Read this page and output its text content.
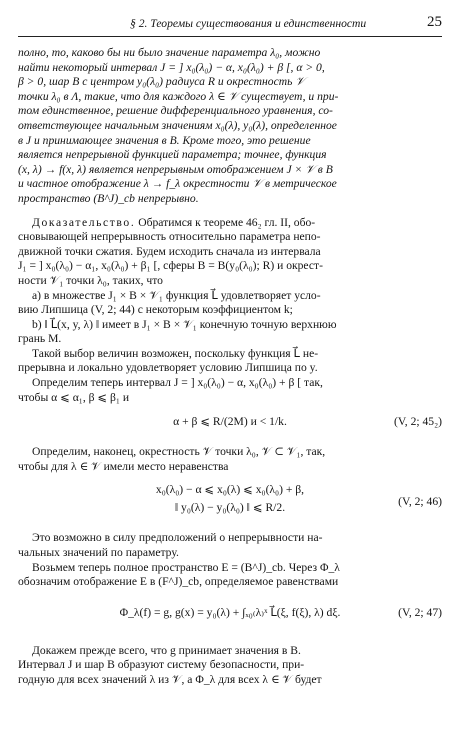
§ 2. Теоремы существования и единственности	25

полно, то, каково бы ни было значение параметра λ₀, можно

найти некоторый интервал J = ] x₀(λ₀) − α, x₀(λ₀) + β [, α > 0,

β > 0, шар B с центром y₀(λ₀) радиуса R и окрестность 𝒱

точки λ₀ в Λ, такие, что для каждого λ ∈ 𝒱 существует, и при-

том единственное, решение дифференциального уравнения, со-

ответствующее начальным значениям x₀(λ), y₀(λ), определенное

в J и принимающее значения в B. Кроме того, это решение

является непрерывной функцией параметра; точнее, функция

(x, λ) → f(x, λ) является непрерывным отображением J × 𝒱 в B

и частное отображение λ → f_λ окрестности 𝒱 в метрическое

пространство (B^J)_cb непрерывно.

Доказательство. Обратимся к теореме 46₂ гл. II, обо-

сновывающей непрерывность относительно параметра непо-

движной точки сжатия. Будем исходить сначала из интервала

J₁ = ] x₀(λ₀) − α₁, x₀(λ₀) + β₁ [, сферы B = B(y₀(λ₀); R) и окрест-

ности 𝒱₁ точки λ₀, таких, что

а) в множестве J₁ × B × 𝒱₁ функция L⃗ удовлетворяет усло-

вию Липшица (V, 2; 44) с некоторым коэффициентом k;

b) ‖ L⃗(x, y, λ) ‖ имеет в J₁ × B × 𝒱₁ конечную точную верхнюю

грань M.

Такой выбор величин возможен, поскольку функция L⃗ не-

прерывна и локально удовлетворяет условию Липшица по y.

Определим теперь интервал J = ] x₀(λ₀) − α, x₀(λ₀) + β [ так,

чтобы α ⩽ α₁, β ⩽ β₁ и

α + β ⩽ R/(2M) и < 1/k.	(V, 2; 45₂)

Определим, наконец, окрестность 𝒱 точки λ₀, 𝒱 ⊂ 𝒱₁, так,

чтобы для λ ∈ 𝒱 имели место неравенства

x₀(λ₀) − α ⩽ x₀(λ) ⩽ x₀(λ₀) + β,
‖ y₀(λ) − y₀(λ₀) ‖ ⩽ R/2.	(V, 2; 46)

Это возможно в силу предположений о непрерывности на-

чальных значений по параметру.

Возьмем теперь полное пространство E = (B^J)_cb. Через Φ_λ

обозначим отображение E в (F^J)_cb, определяемое равенствами

Φ_λ(f) = g, g(x) = y₀(λ) + ∫ₓ₀₍λ₎ˣ L⃗(ξ, f(ξ), λ) dξ.	(V, 2; 47)

Докажем прежде всего, что g принимает значения в B.

Интервал J и шар B образуют систему безопасности, при-

годную для всех значений λ из 𝒱, а Φ_λ для всех λ ∈ 𝒱 будет
